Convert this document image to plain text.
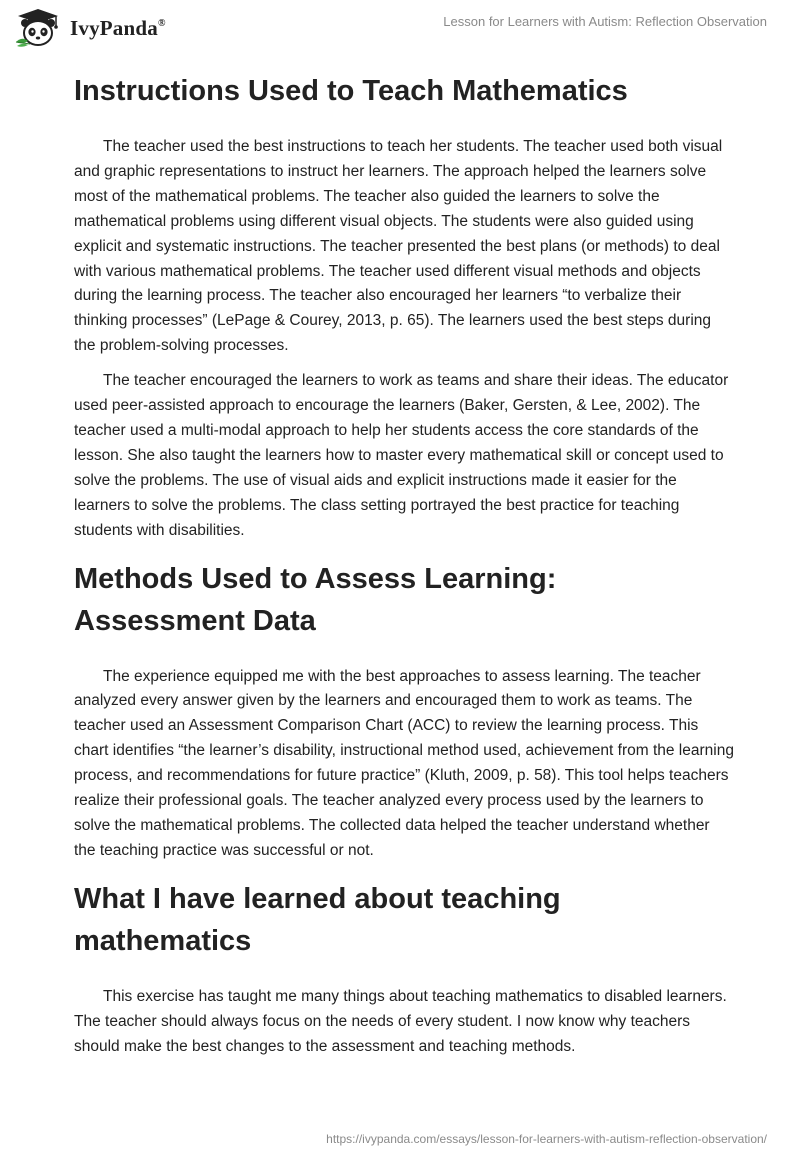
IvyPanda®	Lesson for Learners with Autism: Reflection Observation
Instructions Used to Teach Mathematics

The teacher used the best instructions to teach her students. The teacher used both visual and graphic representations to instruct her learners. The approach helped the learners solve most of the mathematical problems. The teacher also guided the learners to solve the mathematical problems using different visual objects. The students were also guided using explicit and systematic instructions. The teacher presented the best plans (or methods) to deal with various mathematical problems. The teacher used different visual methods and objects during the learning process. The teacher also encouraged her learners “to verbalize their thinking processes” (LePage & Courey, 2013, p. 65). The learners used the best steps during the problem-solving processes.

The teacher encouraged the learners to work as teams and share their ideas. The educator used peer-assisted approach to encourage the learners (Baker, Gersten, & Lee, 2002). The teacher used a multi-modal approach to help her students access the core standards of the lesson. She also taught the learners how to master every mathematical skill or concept used to solve the problems. The use of visual aids and explicit instructions made it easier for the learners to solve the problems. The class setting portrayed the best practice for teaching students with disabilities.

Methods Used to Assess Learning: Assessment Data

The experience equipped me with the best approaches to assess learning. The teacher analyzed every answer given by the learners and encouraged them to work as teams. The teacher used an Assessment Comparison Chart (ACC) to review the learning process. This chart identifies “the learner’s disability, instructional method used, achievement from the learning process, and recommendations for future practice” (Kluth, 2009, p. 58). This tool helps teachers realize their professional goals. The teacher analyzed every process used by the learners to solve the mathematical problems. The collected data helped the teacher understand whether the teaching practice was successful or not.

What I have learned about teaching mathematics

This exercise has taught me many things about teaching mathematics to disabled learners. The teacher should always focus on the needs of every student. I now know why teachers should make the best changes to the assessment and teaching methods.

https://ivypanda.com/essays/lesson-for-learners-with-autism-reflection-observation/
